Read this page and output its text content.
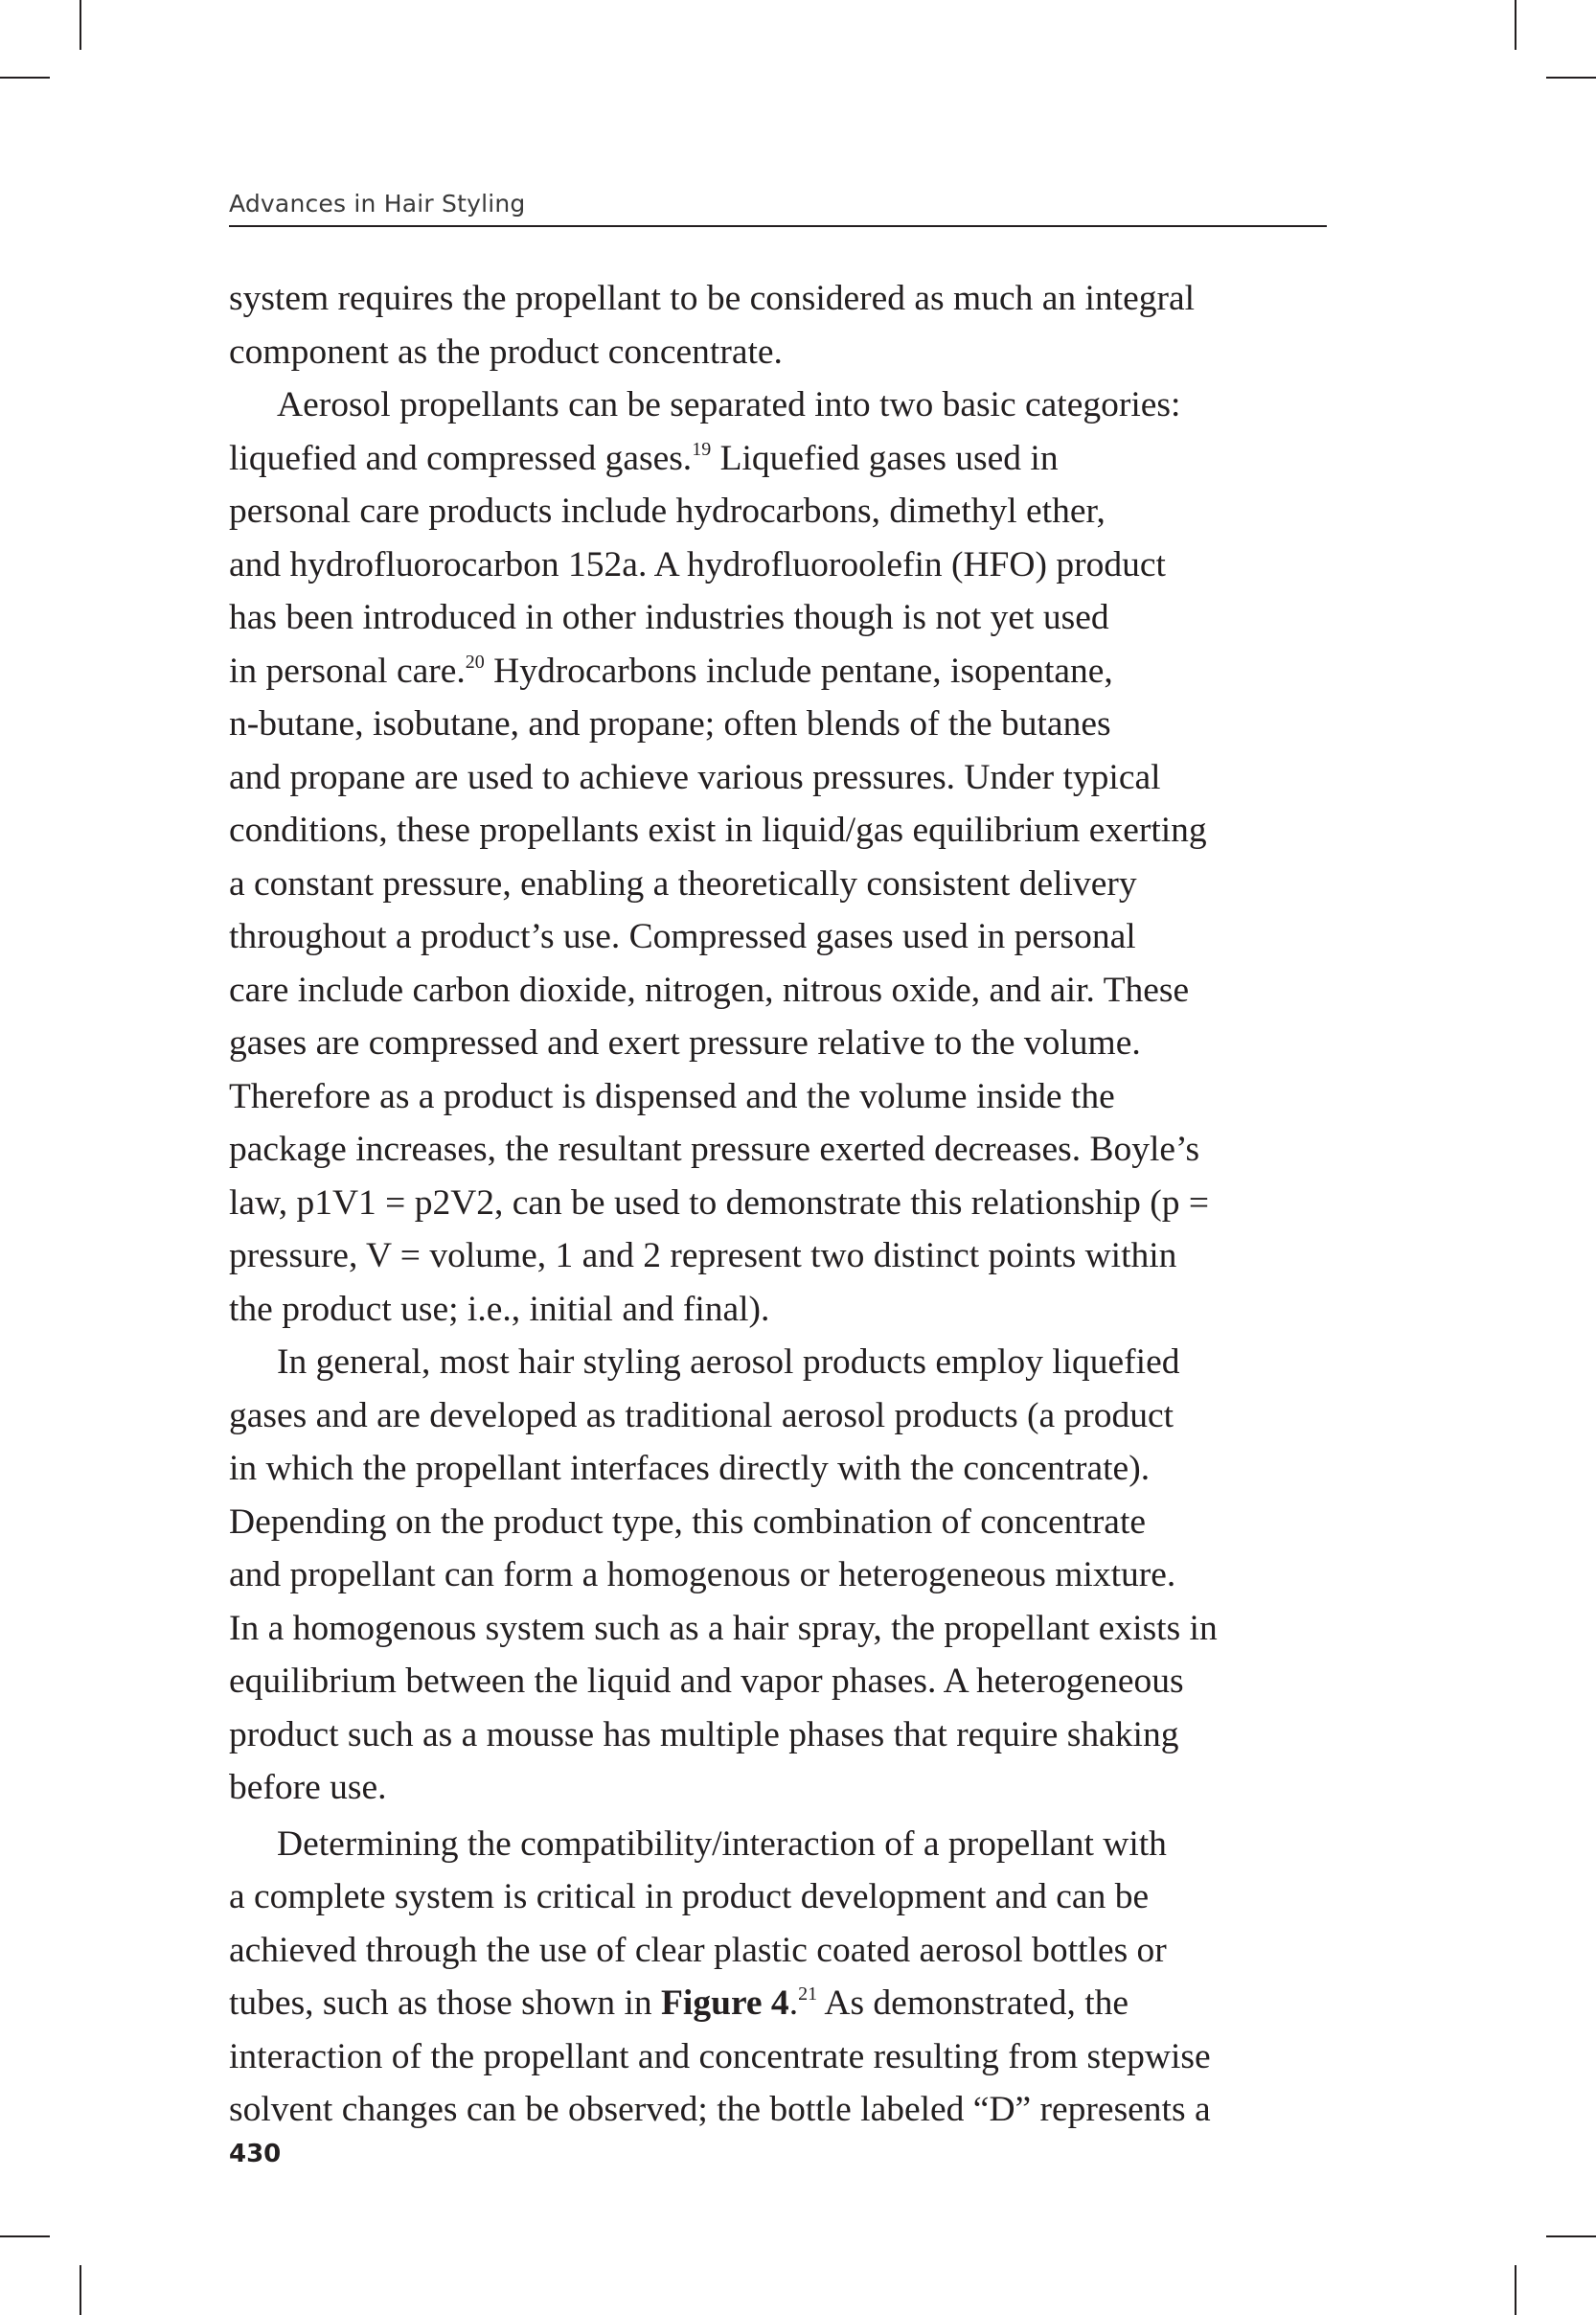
Advances in Hair Styling
system requires the propellant to be considered as much an integral
component as the product concentrate.
Aerosol propellants can be separated into two basic categories:
liquefied and compressed gases.$^{19}$ Liquefied gases used in
personal care products include hydrocarbons, dimethyl ether,
and hydrofluorocarbon 152a. A hydrofluoroolefin (HFO) product
has been introduced in other industries though is not yet used
in personal care.$^{20}$ Hydrocarbons include pentane, isopentane,
n-butane, isobutane, and propane; often blends of the butanes
and propane are used to achieve various pressures. Under typical
conditions, these propellants exist in liquid/gas equilibrium exerting
a constant pressure, enabling a theoretically consistent delivery
throughout a product’s use. Compressed gases used in personal
care include carbon dioxide, nitrogen, nitrous oxide, and air. These
gases are compressed and exert pressure relative to the volume.
Therefore as a product is dispensed and the volume inside the
package increases, the resultant pressure exerted decreases. Boyle’s
law, p1V1 = p2V2, can be used to demonstrate this relationship (p =
pressure, V = volume, 1 and 2 represent two distinct points within
the product use; i.e., initial and final).
In general, most hair styling aerosol products employ liquefied
gases and are developed as traditional aerosol products (a product
in which the propellant interfaces directly with the concentrate).
Depending on the product type, this combination of concentrate
and propellant can form a homogenous or heterogeneous mixture.
In a homogenous system such as a hair spray, the propellant exists in
equilibrium between the liquid and vapor phases. A heterogeneous
product such as a mousse has multiple phases that require shaking
before use.
Determining the compatibility/interaction of a propellant with
a complete system is critical in product development and can be
achieved through the use of clear plastic coated aerosol bottles or
tubes, such as those shown in Figure 4.21 As demonstrated, the
interaction of the propellant and concentrate resulting from stepwise
solvent changes can be observed; the bottle labeled “D” represents a
430
